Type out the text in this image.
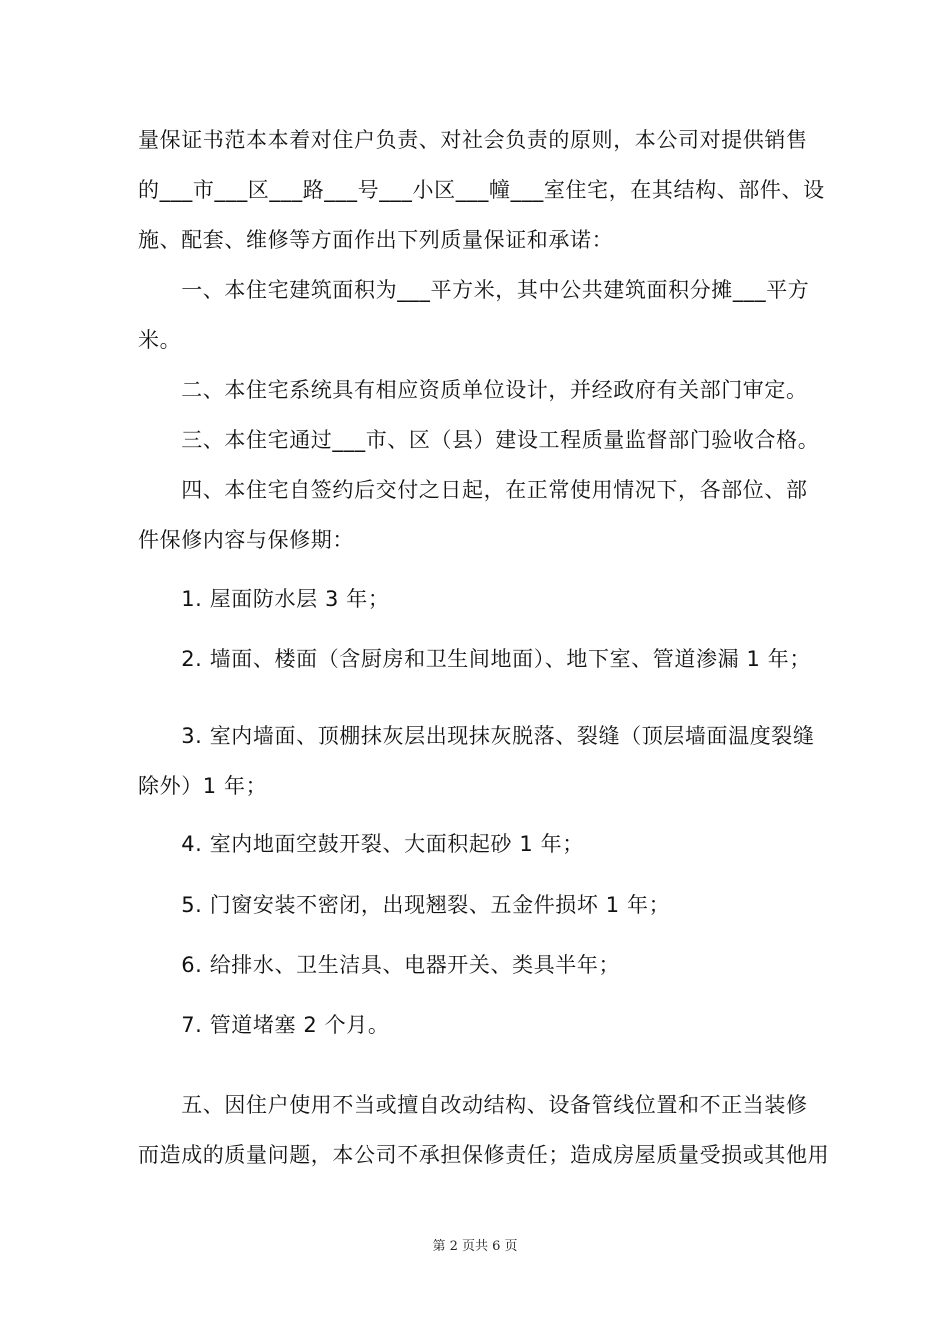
量保证书范本本着对住户负责、对社会负责的原则，本公司对提供销售
的___市___区___路___号___小区___幢___室住宅，在其结构、部件、设
施、配套、维修等方面作出下列质量保证和承诺：
　　一、本住宅建筑面积为___平方米，其中公共建筑面积分摊___平方
米。
　　二、本住宅系统具有相应资质单位设计，并经政府有关部门审定。
　　三、本住宅通过___市、区（县）建设工程质量监督部门验收合格。
　　四、本住宅自签约后交付之日起，在正常使用情况下，各部位、部
件保修内容与保修期：
　　1. 屋面防水层 3 年；
　　2. 墙面、楼面（含厨房和卫生间地面）、地下室、管道渗漏 1 年；
　　3. 室内墙面、顶棚抹灰层出现抹灰脱落、裂缝（顶层墙面温度裂缝
除外）1 年；
　　4. 室内地面空鼓开裂、大面积起砂 1 年；
　　5. 门窗安装不密闭，出现翘裂、五金件损坏 1 年；
　　6. 给排水、卫生洁具、电器开关、类具半年；
　　7. 管道堵塞 2 个月。
　　五、因住户使用不当或擅自改动结构、设备管线位置和不正当装修
而造成的质量问题，本公司不承担保修责任；造成房屋质量受损或其他用
第 2 页共 6 页
